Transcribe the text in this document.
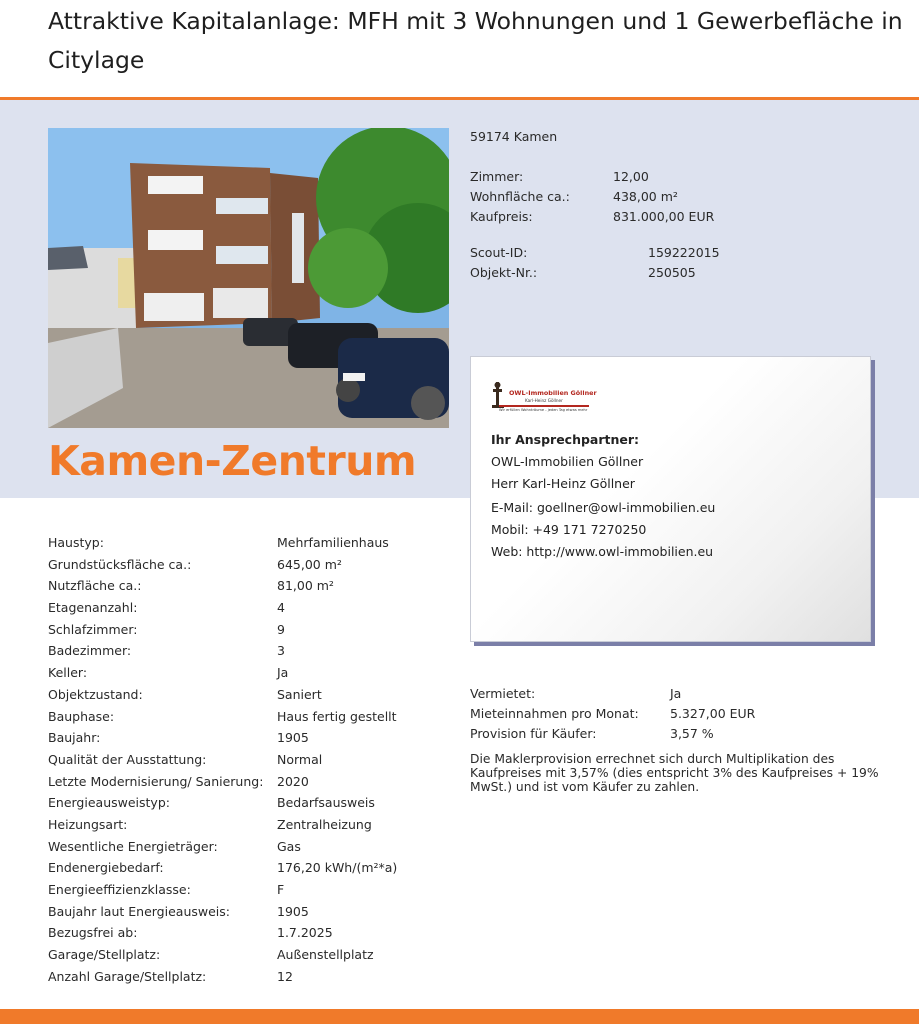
Attraktive Kapitalanlage: MFH mit 3 Wohnungen und 1 Gewerbefläche in Citylage
Kamen-Zentrum
59174 Kamen
Zimmer:	12,00
Wohnfläche ca.:	438,00 m²
Kaufpreis:	831.000,00 EUR
Scout-ID:	159222015
Objekt-Nr.:	250505
OWL-Immobilien Göllner
Karl-Heinz Göllner
Wir erfüllen Wohnträume - jeden Tag etwas mehr
Ihr Ansprechpartner:
OWL-Immobilien Göllner
Herr Karl-Heinz Göllner
E-Mail: goellner@owl-immobilien.eu
Mobil: +49 171 7270250
Web: http://www.owl-immobilien.eu
Haustyp:	Mehrfamilienhaus
Grundstücksfläche ca.:	645,00 m²
Nutzfläche ca.:	81,00 m²
Etagenanzahl:	4
Schlafzimmer:	9
Badezimmer:	3
Keller:	Ja
Objektzustand:	Saniert
Bauphase:	Haus fertig gestellt
Baujahr:	1905
Qualität der Ausstattung:	Normal
Letzte Modernisierung/ Sanierung: 2020
Energieausweistyp:	Bedarfsausweis
Heizungsart:	Zentralheizung
Wesentliche Energieträger:	Gas
Endenergiebedarf:	176,20 kWh/(m²*a)
Energieeffizienzklasse:	F
Baujahr laut Energieausweis:	1905
Bezugsfrei ab:	1.7.2025
Garage/Stellplatz:	Außenstellplatz
Anzahl Garage/Stellplatz:	12
Vermietet:	Ja
Mieteinnahmen pro Monat:	5.327,00 EUR
Provision für Käufer:	3,57 %
Die Maklerprovision errechnet sich durch Multiplikation des Kaufpreises mit 3,57% (dies entspricht 3% des Kaufpreises + 19% MwSt.) und ist vom Käufer zu zahlen.
